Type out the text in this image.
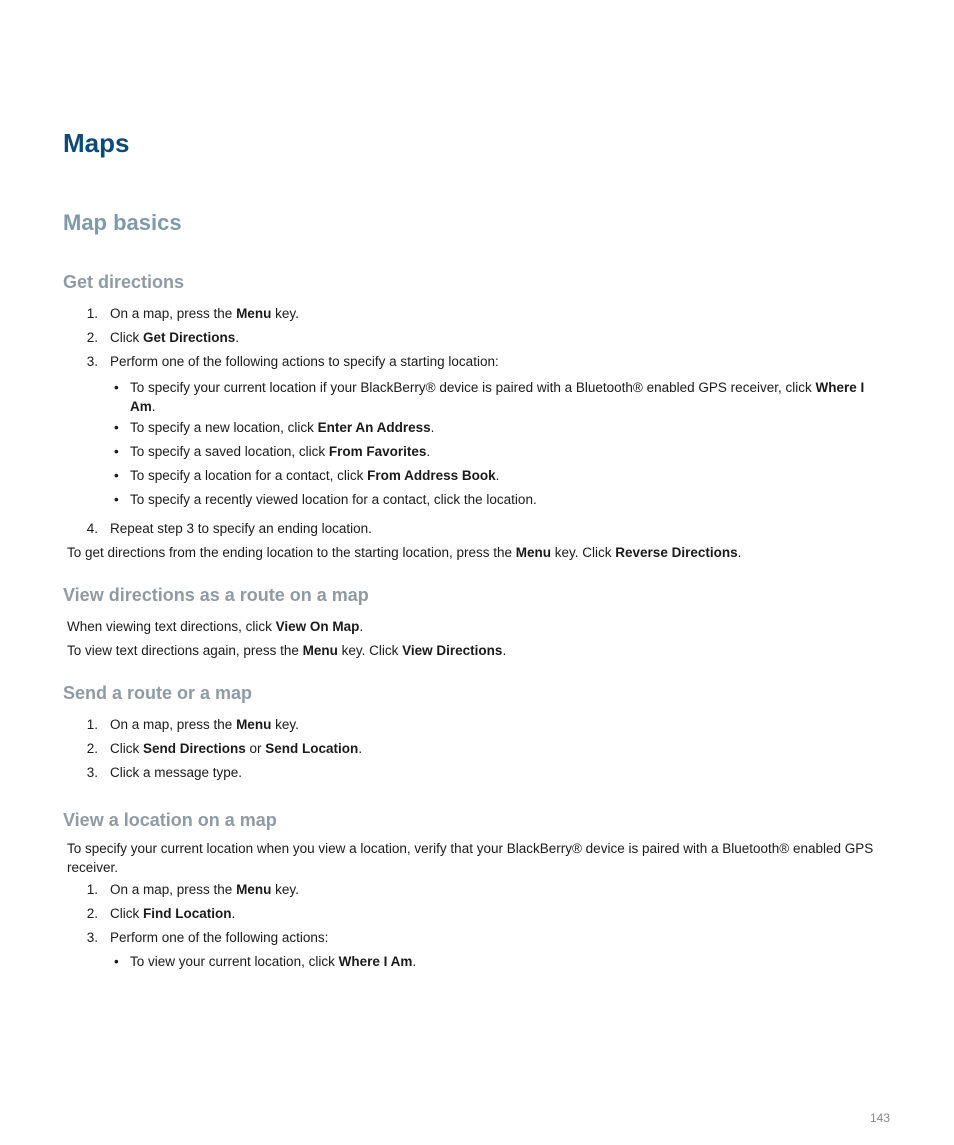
Maps
Map basics
Get directions
1. On a map, press the Menu key.
2. Click Get Directions.
3. Perform one of the following actions to specify a starting location:
• To specify your current location if your BlackBerry® device is paired with a Bluetooth® enabled GPS receiver, click Where I Am.
• To specify a new location, click Enter An Address.
• To specify a saved location, click From Favorites.
• To specify a location for a contact, click From Address Book.
• To specify a recently viewed location for a contact, click the location.
4. Repeat step 3 to specify an ending location.
To get directions from the ending location to the starting location, press the Menu key. Click Reverse Directions.
View directions as a route on a map
When viewing text directions, click View On Map.
To view text directions again, press the Menu key. Click View Directions.
Send a route or a map
1. On a map, press the Menu key.
2. Click Send Directions or Send Location.
3. Click a message type.
View a location on a map
To specify your current location when you view a location, verify that your BlackBerry® device is paired with a Bluetooth® enabled GPS receiver.
1. On a map, press the Menu key.
2. Click Find Location.
3. Perform one of the following actions:
• To view your current location, click Where I Am.
143
